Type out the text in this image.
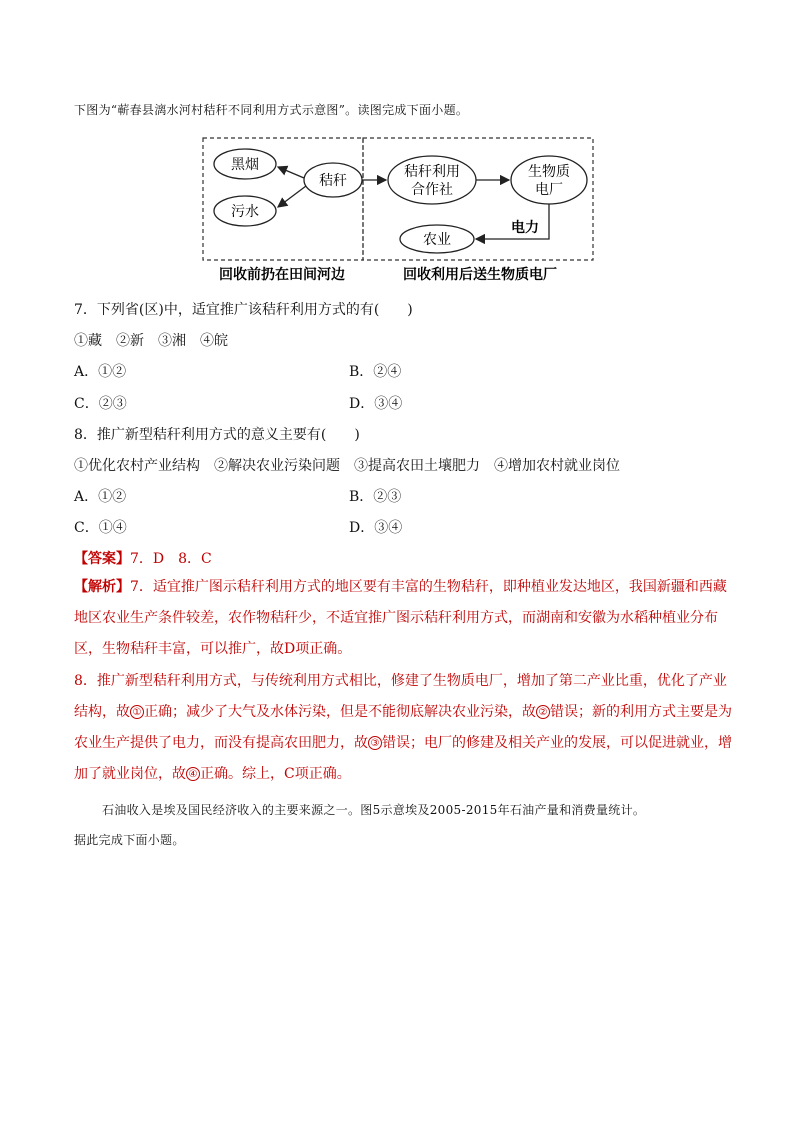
下图为“蕲春县漓水河村秸秆不同利用方式示意图”。读图完成下面小题。
黑烟
污水
秸秆
秸秆利用
合作社
生物质
电厂
农业
电力
回收前扔在田间河边	回收利用后送生物质电厂
7．下列省(区)中，适宜推广该秸秆利用方式的有(　　)
①藏　②新　③湘　④皖
A．①②	B．②④
C．②③	D．③④
8．推广新型秸秆利用方式的意义主要有(　　)
①优化农村产业结构　②解决农业污染问题　③提高农田土壤肥力　④增加农村就业岗位
A．①②	B．②③
C．①④	D．③④
【答案】7．D　8．C
【解析】7．适宜推广图示秸秆利用方式的地区要有丰富的生物秸秆，即种植业发达地区，我国新疆和西藏地区农业生产条件较差，农作物秸秆少，不适宜推广图示秸秆利用方式，而湖南和安徽为水稻种植业分布区，生物秸秆丰富，可以推广，故D项正确。
8．推广新型秸秆利用方式，与传统利用方式相比，修建了生物质电厂，增加了第二产业比重，优化了产业结构，故 ① 正确；减少了大气及水体污染，但是不能彻底解决农业污染，故 ② 错误；新的利用方式主要是为农业生产提供了电力，而没有提高农田肥力，故 ③ 错误；电厂的修建及相关产业的发展，可以促进就业，增加了就业岗位，故 ④ 正确。综上，C项正确。
石油收入是埃及国民经济收入的主要来源之一。图5示意埃及2005-2015年石油产量和消费量统计。
据此完成下面小题。
